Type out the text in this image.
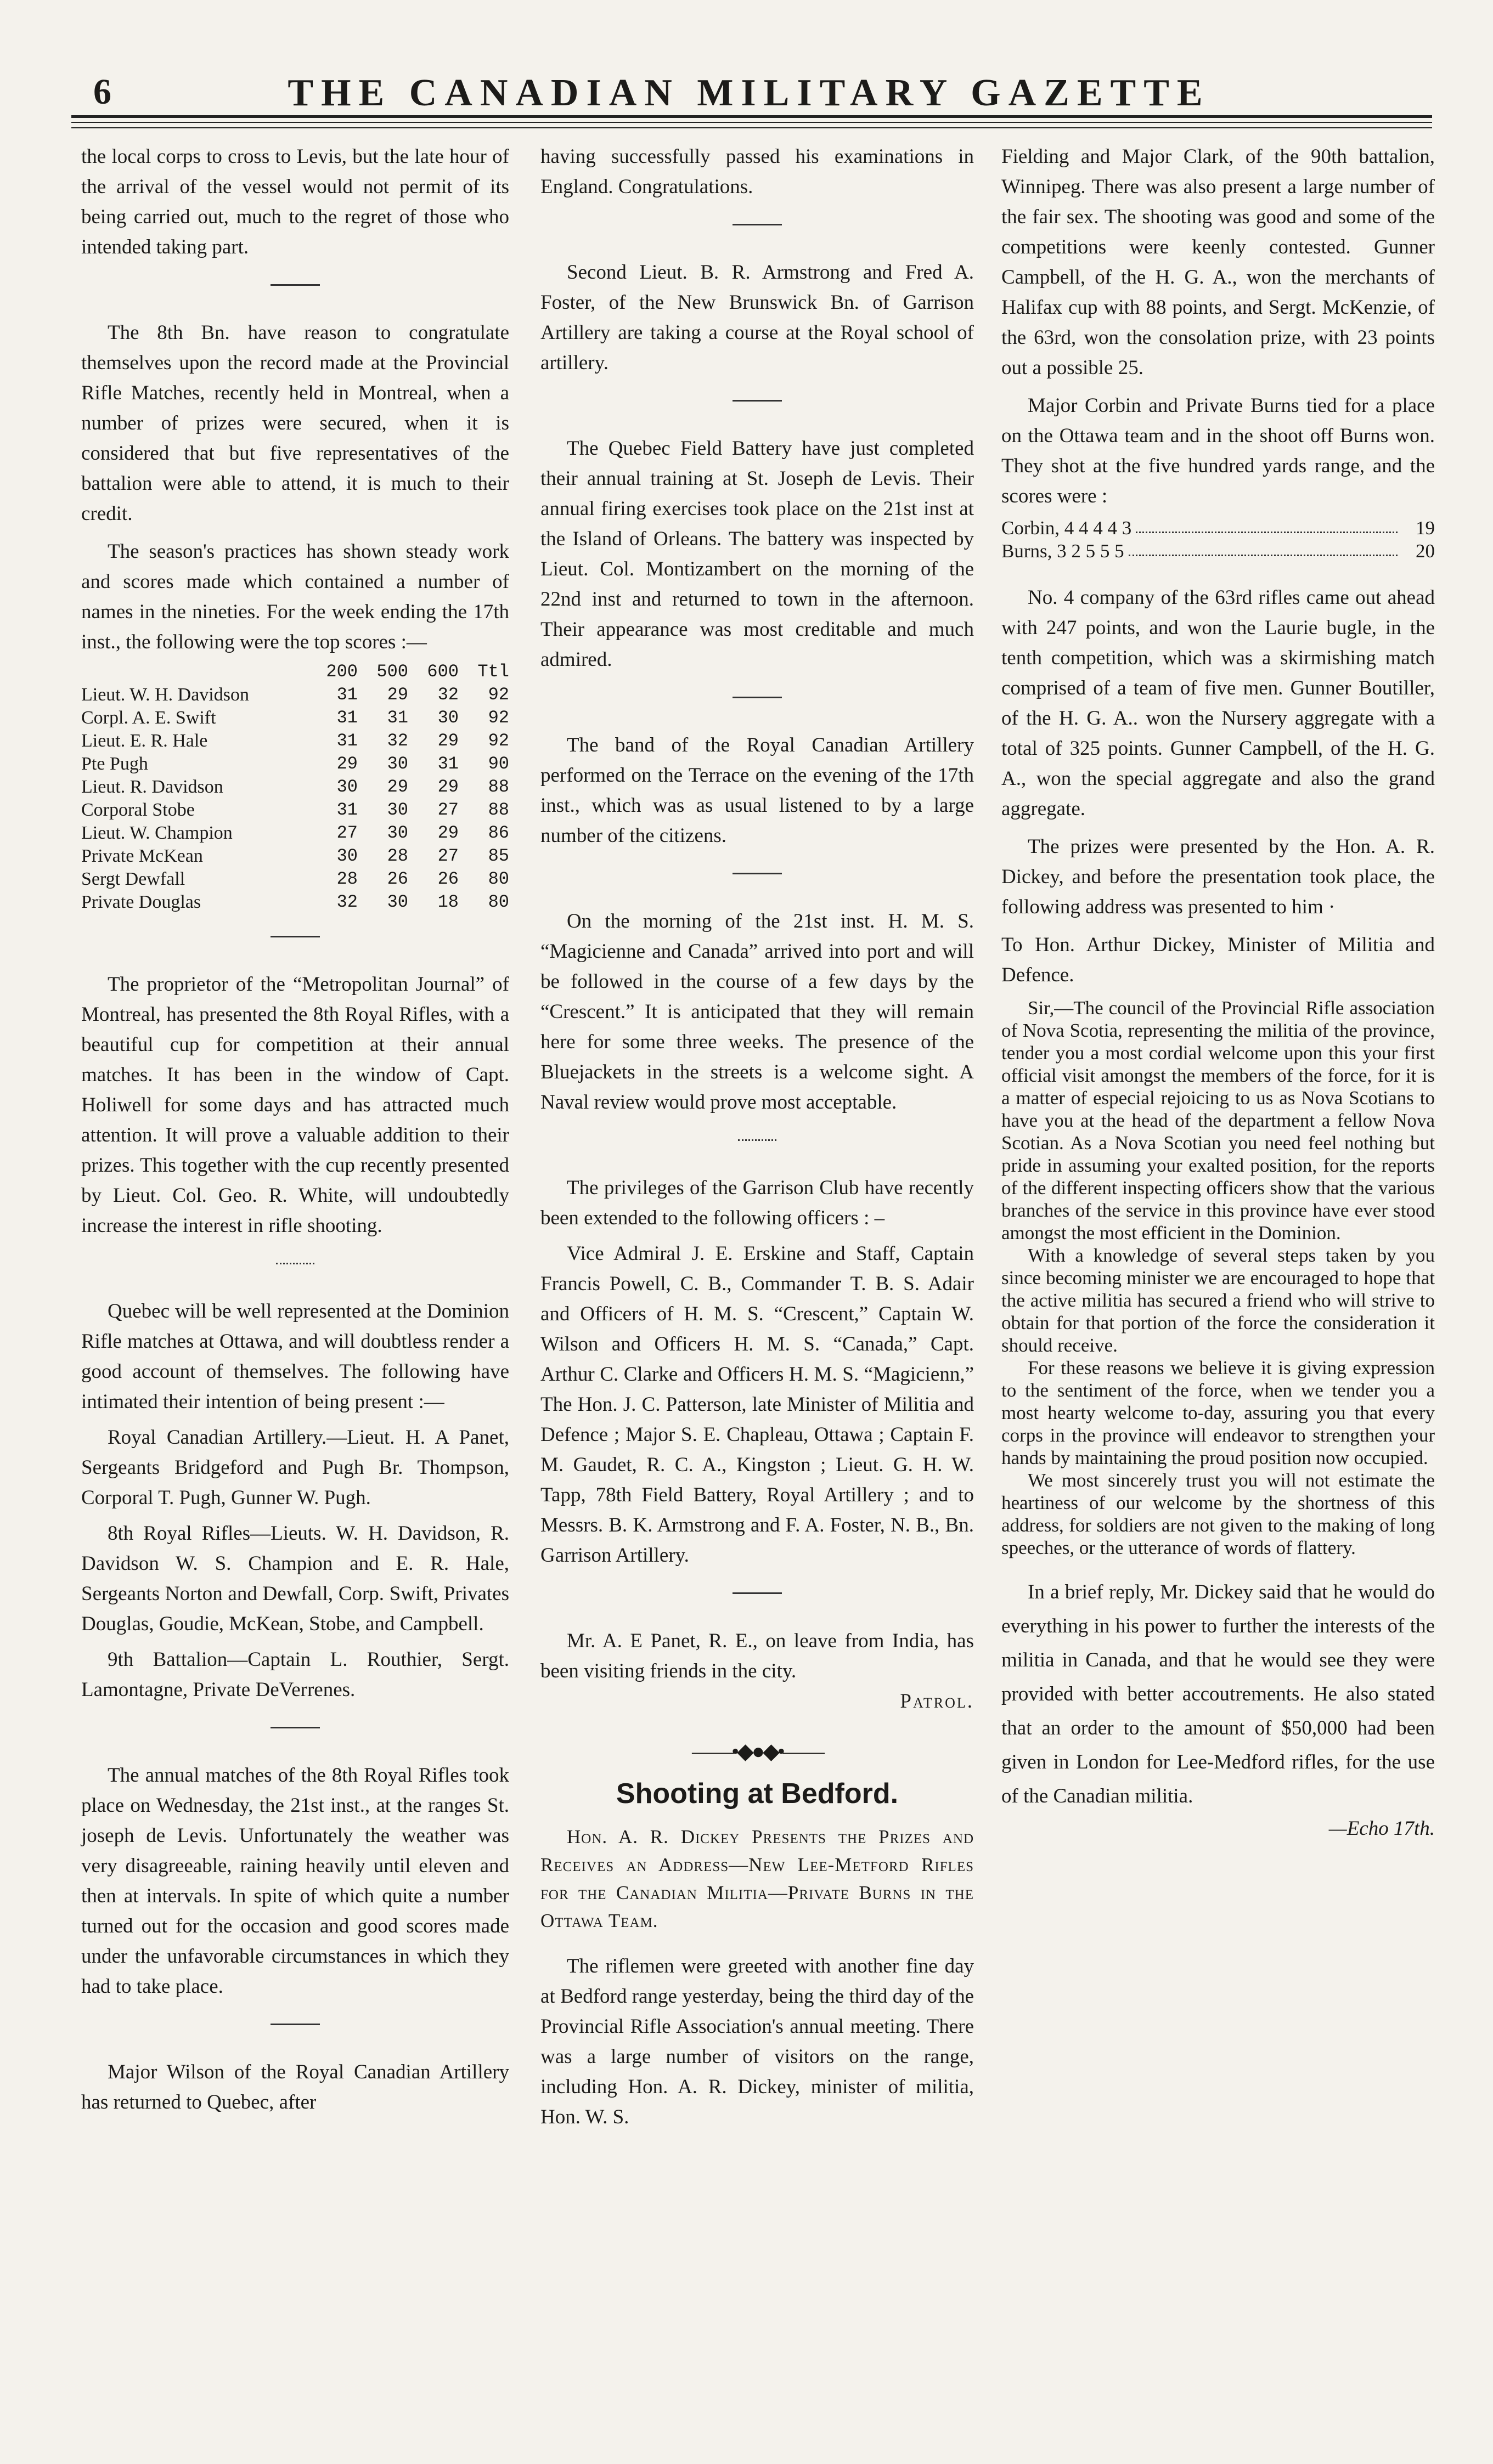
6	THE CANADIAN MILITARY GAZETTE

the local corps to cross to Levis, but the late hour of the arrival of the vessel would not permit of its being carried out, much to the regret of those who intended taking part.

The 8th Bn. have reason to congratulate themselves upon the record made at the Provincial Rifle Matches, recently held in Montreal, when a number of prizes were secured, when it is considered that but five representatives of the battalion were able to attend, it is much to their credit.

The season's practices has shown steady work and scores made which contained a number of names in the nineties. For the week ending the 17th inst., the following were the top scores :—

200	500	600	Ttl
Lieut. W. H. Davidson	31	29	32	92
Corpl. A. E. Swift	31	31	30	92
Lieut. E. R. Hale	31	32	29	92
Pte Pugh	29	30	31	90
Lieut. R. Davidson	30	29	29	88
Corporal Stobe	31	30	27	88
Lieut. W. Champion	27	30	29	86
Private McKean	30	28	27	85
Sergt Dewfall	28	26	26	80
Private Douglas	32	30	18	80

The proprietor of the “Metropolitan Journal” of Montreal, has presented the 8th Royal Rifles, with a beautiful cup for competition at their annual matches. It has been in the window of Capt. Holiwell for some days and has attracted much attention. It will prove a valuable addition to their prizes. This together with the cup recently presented by Lieut. Col. Geo. R. White, will undoubtedly increase the interest in rifle shooting.

Quebec will be well represented at the Dominion Rifle matches at Ottawa, and will doubtless render a good account of themselves. The following have intimated their intention of being present :—

Royal Canadian Artillery.—Lieut. H. A Panet, Sergeants Bridgeford and Pugh Br. Thompson, Corporal T. Pugh, Gunner W. Pugh.

8th Royal Rifles—Lieuts. W. H. Davidson, R. Davidson W. S. Champion and E. R. Hale, Sergeants Norton and Dewfall, Corp. Swift, Privates Douglas, Goudie, McKean, Stobe, and Campbell.

9th Battalion—Captain L. Routhier, Sergt. Lamontagne, Private DeVerrenes.

The annual matches of the 8th Royal Rifles took place on Wednesday, the 21st inst., at the ranges St. joseph de Levis. Unfortunately the weather was very disagreeable, raining heavily until eleven and then at intervals. In spite of which quite a number turned out for the occasion and good scores made under the unfavorable circumstances in which they had to take place.

Major Wilson of the Royal Canadian Artillery has returned to Quebec, after

having successfully passed his examinations in England. Congratulations.

Second Lieut. B. R. Armstrong and Fred A. Foster, of the New Brunswick Bn. of Garrison Artillery are taking a course at the Royal school of artillery.

The Quebec Field Battery have just completed their annual training at St. Joseph de Levis. Their annual firing exercises took place on the 21st inst at the Island of Orleans. The battery was inspected by Lieut. Col. Montizambert on the morning of the 22nd inst and returned to town in the afternoon. Their appearance was most creditable and much admired.

The band of the Royal Canadian Artillery performed on the Terrace on the evening of the 17th inst., which was as usual listened to by a large number of the citizens.

On the morning of the 21st inst. H. M. S. “Magicienne and Canada” arrived into port and will be followed in the course of a few days by the “Crescent.” It is anticipated that they will remain here for some three weeks. The presence of the Bluejackets in the streets is a welcome sight. A Naval review would prove most acceptable.

The privileges of the Garrison Club have recently been extended to the following officers : –

Vice Admiral J. E. Erskine and Staff, Captain Francis Powell, C. B., Commander T. B. S. Adair and Officers of H. M. S. “Crescent,” Captain W. Wilson and Officers H. M. S. “Canada,” Capt. Arthur C. Clarke and Officers H. M. S. “Magicienn,” The Hon. J. C. Patterson, late Minister of Militia and Defence ; Major S. E. Chapleau, Ottawa ; Captain F. M. Gaudet, R. C. A., Kingston ; Lieut. G. H. W. Tapp, 78th Field Battery, Royal Artillery ; and to Messrs. B. K. Armstrong and F. A. Foster, N. B., Bn. Garrison Artillery.

Mr. A. E Panet, R. E., on leave from India, has been visiting friends in the city.

Patrol.

——•◆●◆•——
Shooting at Bedford.
Hon. A. R. Dickey Presents the Prizes and Receives an Address—New Lee-Metford Rifles for the Canadian Militia—Private Burns in the Ottawa Team.

The riflemen were greeted with another fine day at Bedford range yesterday, being the third day of the Provincial Rifle Association's annual meeting. There was a large number of visitors on the range, including Hon. A. R. Dickey, minister of militia, Hon. W. S.

Fielding and Major Clark, of the 90th battalion, Winnipeg. There was also present a large number of the fair sex. The shooting was good and some of the competitions were keenly contested. Gunner Campbell, of the H. G. A., won the merchants of Halifax cup with 88 points, and Sergt. McKenzie, of the 63rd, won the consolation prize, with 23 points out a possible 25.

Major Corbin and Private Burns tied for a place on the Ottawa team and in the shoot off Burns won. They shot at the five hundred yards range, and the scores were :

Corbin, 4 4 4 4 3	19
Burns, 3 2 5 5 5	20

No. 4 company of the 63rd rifles came out ahead with 247 points, and won the Laurie bugle, in the tenth competition, which was a skirmishing match comprised of a team of five men. Gunner Boutiller, of the H. G. A.. won the Nursery aggregate with a total of 325 points. Gunner Campbell, of the H. G. A., won the special aggregate and also the grand aggregate.

The prizes were presented by the Hon. A. R. Dickey, and before the presentation took place, the following address was presented to him ·

To Hon. Arthur Dickey, Minister of Militia and Defence.

Sir,—The council of the Provincial Rifle association of Nova Scotia, representing the militia of the province, tender you a most cordial welcome upon this your first official visit amongst the members of the force, for it is a matter of especial rejoicing to us as Nova Scotians to have you at the head of the department a fellow Nova Scotian. As a Nova Scotian you need feel nothing but pride in assuming your exalted position, for the reports of the different inspecting officers show that the various branches of the service in this province have ever stood amongst the most efficient in the Dominion.

With a knowledge of several steps taken by you since becoming minister we are encouraged to hope that the active militia has secured a friend who will strive to obtain for that portion of the force the consideration it should receive.

For these reasons we believe it is giving expression to the sentiment of the force, when we tender you a most hearty welcome to-day, assuring you that every corps in the province will endeavor to strengthen your hands by maintaining the proud position now occupied.

We most sincerely trust you will not estimate the heartiness of our welcome by the shortness of this address, for soldiers are not given to the making of long speeches, or the utterance of words of flattery.

In a brief reply, Mr. Dickey said that he would do everything in his power to further the interests of the militia in Canada, and that he would see they were provided with better accoutrements. He also stated that an order to the amount of $50,000 had been given in London for Lee-Medford rifles, for the use of the Canadian militia.

—Echo 17th.
